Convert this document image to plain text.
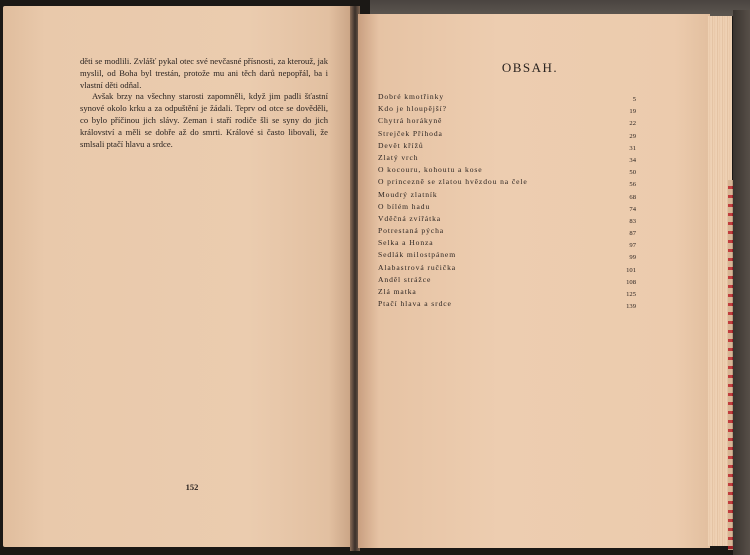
děti se modlili. Zvlášť pykal otec své nevčasné přísnosti, za kterouž, jak myslil, od Boha byl trestán, protože mu ani těch darů nepopřál, ba i vlastní děti odňal.

Avšak brzy na všechny starosti zapomněli, když jim padli šťastní synové okolo krku a za odpuštění je žádali. Teprv od otce se dověděli, co bylo příčinou jich slávy. Zeman i staří rodiče šli se syny do jich království a měli se dobře až do smrti. Králové si často libovali, že smlsali ptačí hlavu a srdce.

152
OBSAH.
Dobré kmotřinky	5
Kdo je hloupější?	19
Chytrá horákyně	22
Strejček Příhoda	29
Devět křížů	31
Zlatý vrch	34
O kocouru, kohoutu a kose	50
O princezně se zlatou hvězdou na čele	56
Moudrý zlatník	68
O bílém hadu	74
Vděčná zvířátka	83
Potrestaná pýcha	87
Selka a Honza	97
Sedlák milostpánem	99
Alabastrová ručička	101
Anděl strážce	108
Zlá matka	125
Ptačí hlava a srdce	139
